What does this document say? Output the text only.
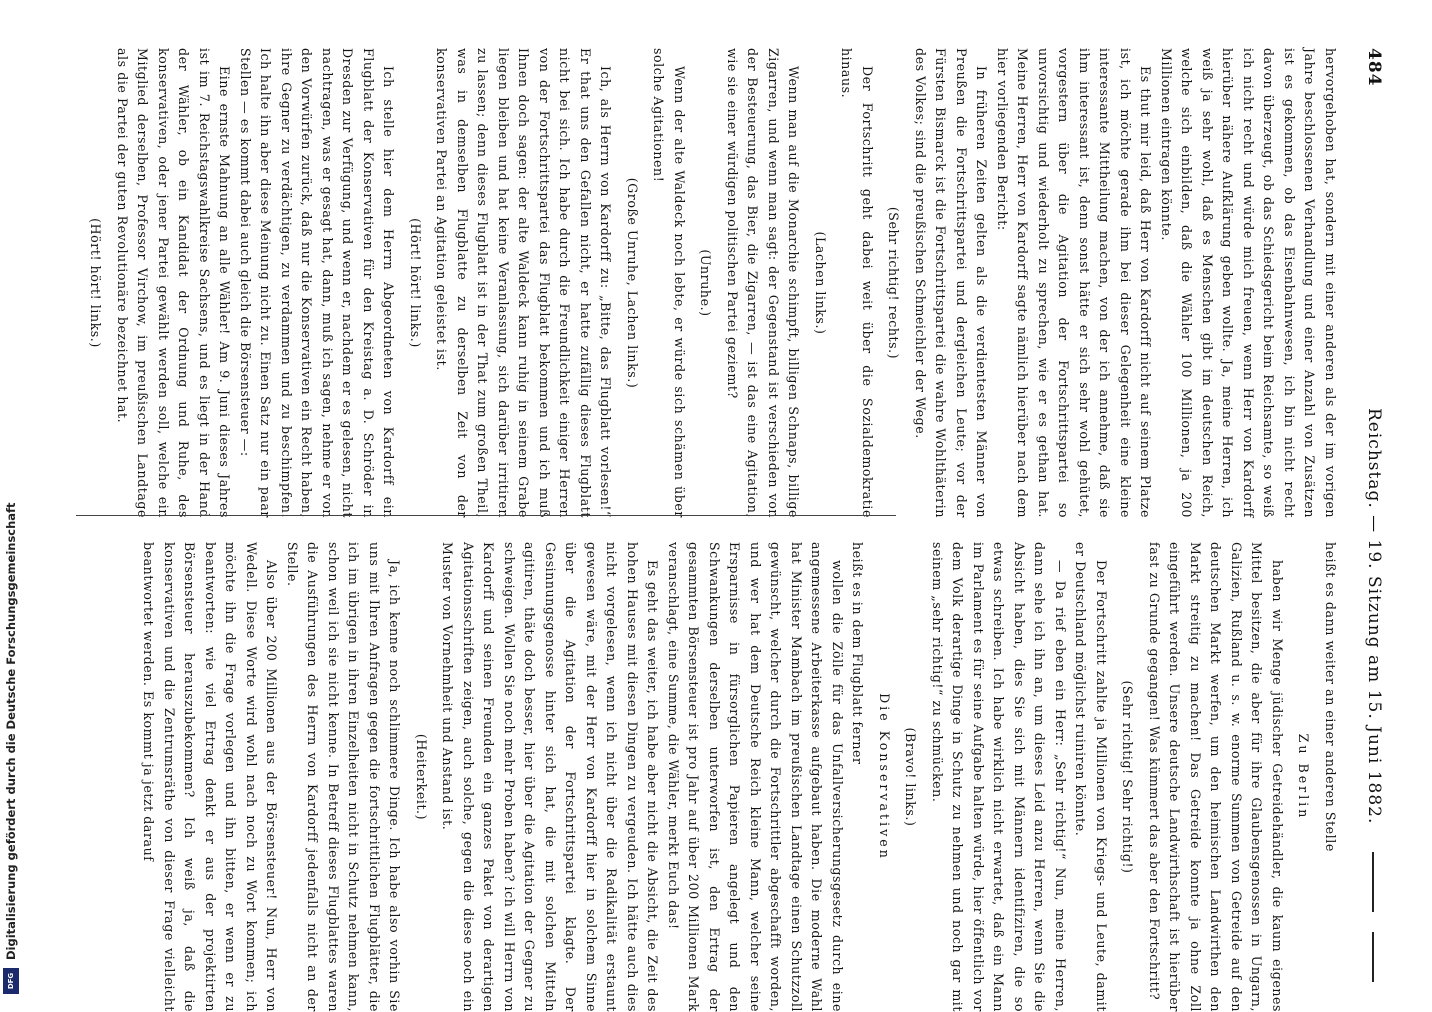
Digitalisierung gefördert durch die Deutsche Forschungsgemeinschaft
DFG
484
Reichstag. — 19. Sitzung am 15. Juni 1882.

hervorgehoben hat, sondern mit einer anderen als der im vorigen Jahre beschlossenen Verhandlung und einer Anzahl von Zusätzen ist es gekommen, ob das Eisenbahnwesen, ich bin nicht recht davon überzeugt, ob das Schiedsgericht beim Reichsamte, so weiß ich nicht recht und würde mich freuen, wenn Herr von Kardorff hierüber nähere Aufklärung geben wollte. Ja, meine Herren, ich weiß ja sehr wohl, daß es Menschen gibt im deutschen Reich, welche sich einbilden, daß die Wähler 100 Millionen, ja 200 Millionen eintragen könnte.

Es thut mir leid, daß Herr von Kardorff nicht auf seinem Platze ist, ich möchte gerade ihm bei dieser Gelegenheit eine kleine interessante Mittheilung machen, von der ich annehme, daß sie ihm interessant ist, denn sonst hätte er sich sehr wohl gehütet, vorgestern über die Agitation der Fortschrittspartei so unvorsichtig und wiederholt zu sprechen, wie er es gethan hat. Meine Herren, Herr von Kardorff sagte nämlich hierüber nach dem hier vorliegenden Bericht:

In früheren Zeiten gelten als die verdientesten Männer von Preußen die Fortschrittspartei und dergleichen Leute; vor der Fürsten Bismarck ist die Fortschrittspartei die wahre Wohlthäterin des Volkes; sind die preußischen Schmeichler der Wege.

(Sehr richtig! rechts.)

Der Fortschritt geht dabei weit über die Sozialdemokratie hinaus.

(Lachen links.)

Wenn man auf die Monarchie schimpft, billigen Schnaps, billige Zigarren, und wenn man sagt: der Gegenstand ist verschieden von der Besteuerung, das Bier, die Zigarren, — ist das eine Agitation, wie sie einer würdigen politischen Partei geziemt?

(Unruhe.)

Wenn der alte Waldeck noch lebte, er würde sich schämen über solche Agitationen!

(Große Unruhe, Lachen links.)

Ich, als Herrn von Kardorff zu: „Bitte, das Flugblatt vorlesen!“ Er that uns den Gefallen nicht, er hatte zufällig dieses Flugblatt nicht bei sich. Ich habe durch die Freundlichkeit einiger Herren von der Fortschrittspartei das Flugblatt bekommen und ich muß Ihnen doch sagen: der alte Waldeck kann ruhig in seinem Grabe liegen bleiben und hat keine Veranlassung, sich darüber irritiren zu lassen; denn dieses Flugblatt ist in der That zum großen Theil, was in demselben Flugblatte zu derselben Zeit von der konservativen Partei an Agitation geleistet ist.

(Hört! hört! links.)

Ich stelle hier dem Herrn Abgeordneten von Kardorff ein Flugblatt der Konservativen für den Kreistag a. D. Schröder in Dresden zur Verfügung, und wenn er, nachdem er es gelesen, nicht nachtragen, was er gesagt hat, dann, muß ich sagen, nehme er von den Vorwürfen zurück, daß nur die Konservativen ein Recht haben, ihre Gegner zu verdächtigen, zu verdammen und zu beschimpfen. Ich halte ihn aber diese Meinung nicht zu. Einen Satz nur ein paar Stellen — es kommt dabei auch gleich die Börsensteuer —:

Eine ernste Mahnung an alle Wähler! Am 9. Juni dieses Jahres ist im 7. Reichstagswahlkreise Sachsens, und es liegt in der Hand der Wähler, ob ein Kandidat der Ordnung und Ruhe, des konservativen, oder jener Partei gewählt werden soll, welche ein Mitglied derselben, Professor Virchow, im preußischen Landtage als die Partei der guten Revolutionäre bezeichnet hat.

(Hört! hört! links.)

heißt es dann weiter an einer anderen Stelle

Zu Berlin

haben wir Menge jüdischer Getreidehändler, die kaum eigenes Mittel besitzen, die aber für ihre Glaubensgenossen in Ungarn, Galizien, Rußland u. s. w. enorme Summen von Getreide auf den deutschen Markt werfen, um den heimischen Landwirthen den Markt streitig zu machen! Das Getreide konnte ja ohne Zoll eingeführt werden. Unsere deutsche Landwirthschaft ist hierüber fast zu Grunde gegangen! Was kümmert das aber den Fortschritt?

(Sehr richtig! Sehr richtig!)

Der Fortschritt zahlte ja Millionen von Kriegs- und Leute, damit er Deutschland möglichst ruiniren könnte.

— Da rief eben ein Herr: „Sehr richtig!“ Nun, meine Herren, dann sehe ich ihn an, um dieses Leid anzu Herren, wenn Sie die Absicht haben, dies Sie sich mit Männern identifiziren, die so etwas schreiben. Ich habe wirklich nicht erwartet, daß ein Mann im Parlament es für seine Aufgabe halten würde, hier öffentlich vor dem Volk derartige Dinge in Schutz zu nehmen und noch gar mit seinem „sehr richtig!“ zu schmücken.

(Bravo! links.)

Die Konservativen

heißt es in dem Flugblatt ferner

wollen die Zölle für das Unfallversicherungsgesetz durch eine angemessene Arbeiterkasse aufgebaut haben. Die moderne Wahl hat Minister Mambach im preußischen Landtage einen Schutzzoll gewünscht, welcher durch die Fortschrittler abgeschafft worden, und wer hat dem Deutsche Reich kleine Mann, welcher seine Ersparnisse in fürsorglichen Papieren angelegt und den Schwankungen derselben unterworfen ist, den Ertrag der gesammten Börsensteuer ist pro Jahr auf über 200 Millionen Mark veranschlagt, eine Summe, die Wähler, merkt Euch das!

Es geht das weiter, ich habe aber nicht die Absicht, die Zeit des hohen Hauses mit diesen Dingen zu vergeuden. Ich hätte auch dies nicht vorgelesen, wenn ich nicht über die Radikalität erstaunt gewesen wäre, mit der Herr von Kardorff hier in solchem Sinne über die Agitation der Fortschrittspartei klagte. Der Gesinnungsgenosse hinter sich hat, die mit solchen Mitteln agitiren, thäte doch besser, hier über die Agitation der Gegner zu schweigen. Wollen Sie noch mehr Proben haben? ich will Herrn von Kardorff und seinen Freunden ein ganzes Paket von derartigen Agitationsschriften zeigen, auch solche, gegen die diese noch ein Muster von Vornehmheit und Anstand ist.

(Heiterkeit.)

Ja, ich kenne noch schlimmere Dinge. Ich habe also vorhin Sie uns mit Ihren Anfragen gegen die fortschrittlichen Flugblätter, die ich im übrigen in ihren Einzelheiten nicht in Schutz nehmen kann, schon weil ich sie nicht kenne. In Betreff dieses Flugblattes waren die Ausführungen des Herrn von Kardorff jedenfalls nicht an der Stelle.

Also über 200 Millionen aus der Börsensteuer! Nun, Herr von Wedell. Diese Worte wird wohl nach noch zu Wort kommen; ich möchte ihn die Frage vorlegen und ihn bitten, er wenn er zu beantworten: wie viel Ertrag denkt er aus der projektirten Börsensteuer herauszubekommen? Ich weiß ja, daß die konservativen und die Zentrumsräthe von dieser Frage vielleicht beantwortet werden. Es kommt ja jetzt darauf
